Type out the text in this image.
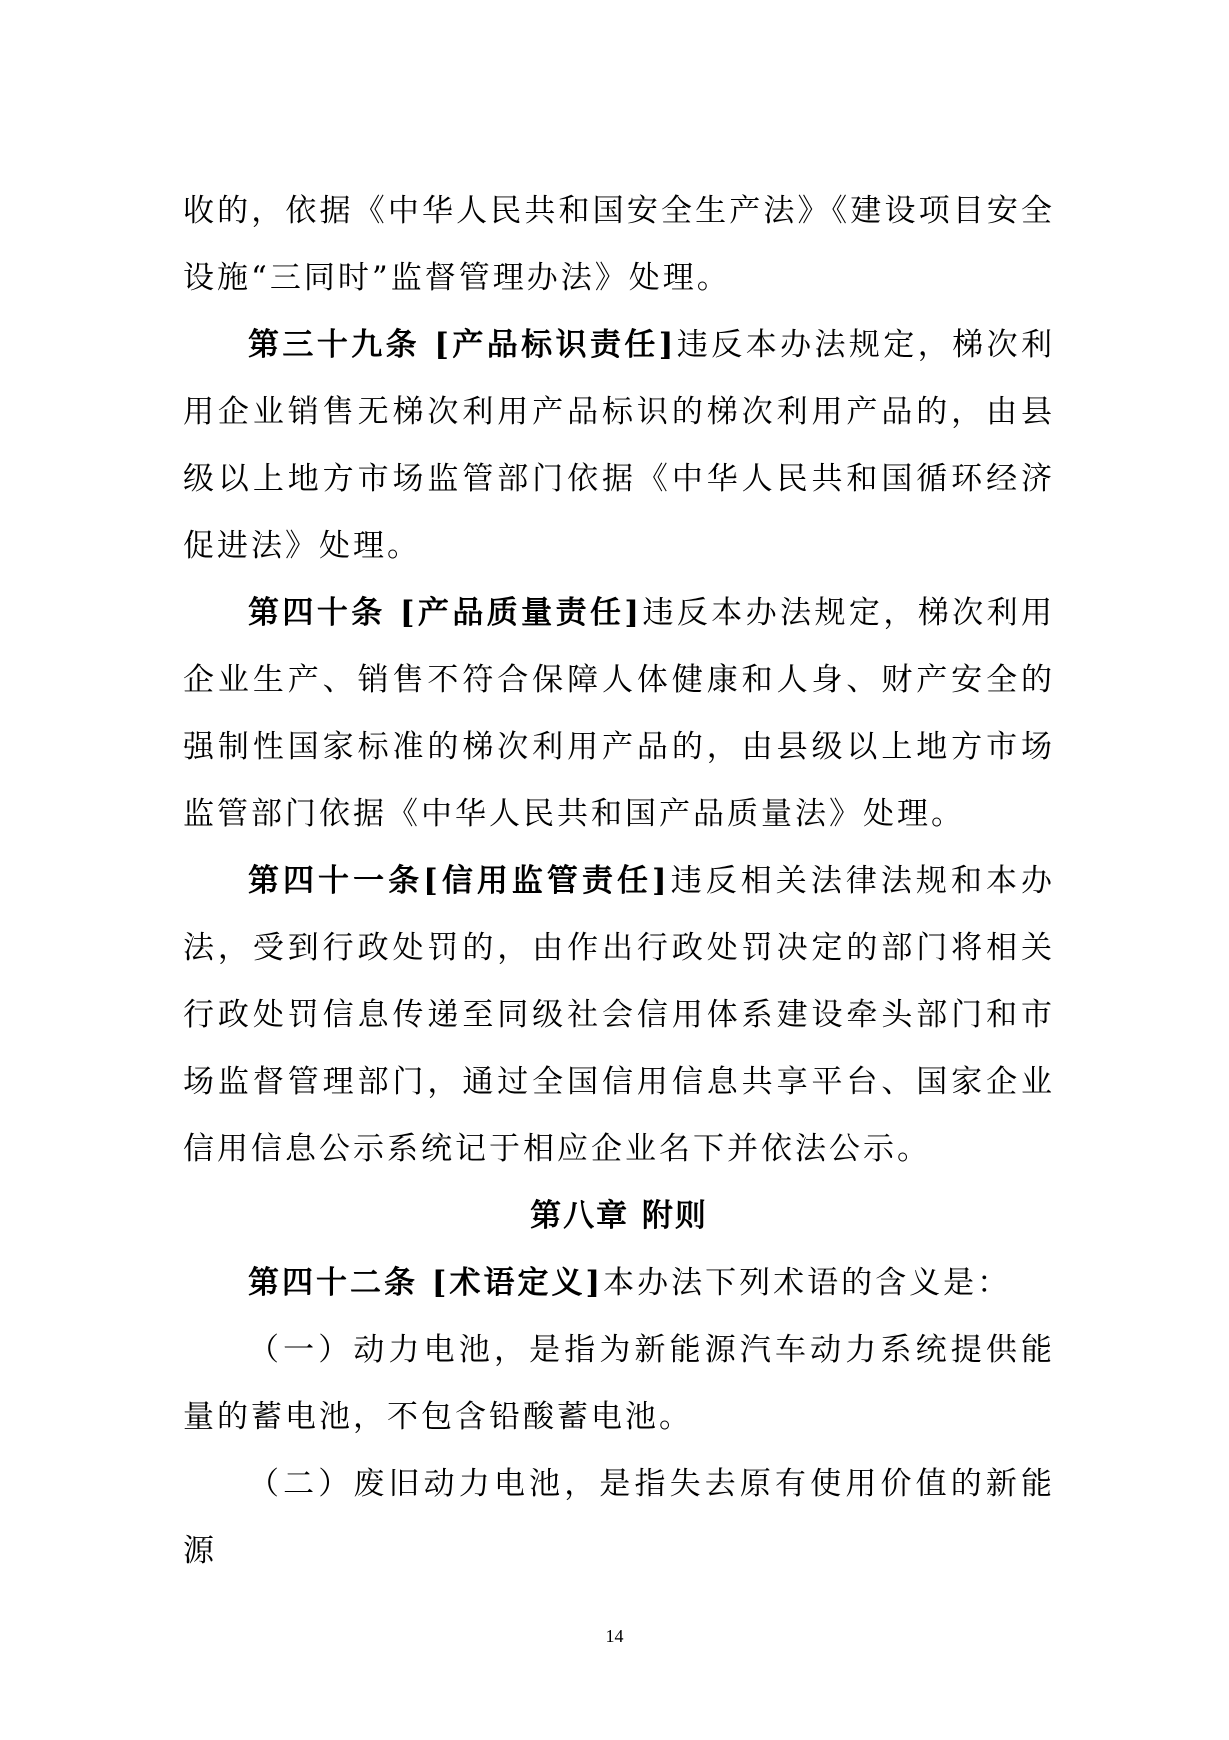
收的，依据《中华人民共和国安全生产法》《建设项目安全设施“三同时”监督管理办法》处理。

第三十九条 [产品标识责任]违反本办法规定，梯次利用企业销售无梯次利用产品标识的梯次利用产品的，由县级以上地方市场监管部门依据《中华人民共和国循环经济促进法》处理。

第四十条 [产品质量责任]违反本办法规定，梯次利用企业生产、销售不符合保障人体健康和人身、财产安全的强制性国家标准的梯次利用产品的，由县级以上地方市场监管部门依据《中华人民共和国产品质量法》处理。

第四十一条[信用监管责任]违反相关法律法规和本办法，受到行政处罚的，由作出行政处罚决定的部门将相关行政处罚信息传递至同级社会信用体系建设牵头部门和市场监督管理部门，通过全国信用信息共享平台、国家企业信用信息公示系统记于相应企业名下并依法公示。

第八章 附则

第四十二条 [术语定义]本办法下列术语的含义是：

（一）动力电池，是指为新能源汽车动力系统提供能量的蓄电池，不包含铅酸蓄电池。

（二）废旧动力电池，是指失去原有使用价值的新能源

14
